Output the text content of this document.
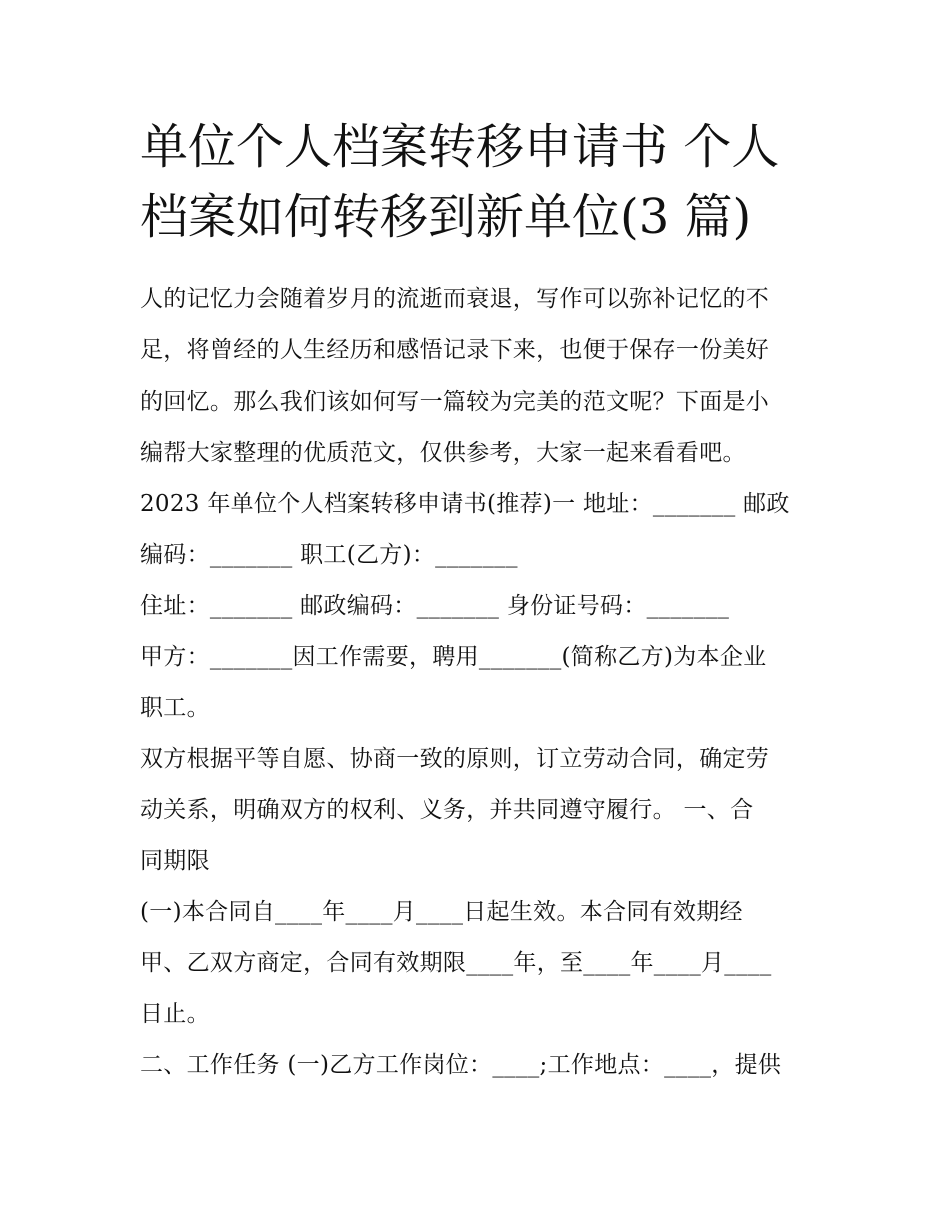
单位个人档案转移申请书 个人
档案如何转移到新单位(3 篇)
人的记忆力会随着岁月的流逝而衰退，写作可以弥补记忆的不
足，将曾经的人生经历和感悟记录下来，也便于保存一份美好
的回忆。那么我们该如何写一篇较为完美的范文呢？下面是小
编帮大家整理的优质范文，仅供参考，大家一起来看看吧。
2023 年单位个人档案转移申请书(推荐)一 地址：_______ 邮政
编码：_______ 职工(乙方)：_______
住址：_______ 邮政编码：_______ 身份证号码：_______
甲方：_______因工作需要，聘用_______(简称乙方)为本企业
职工。
双方根据平等自愿、协商一致的原则，订立劳动合同，确定劳
动关系，明确双方的权利、义务，并共同遵守履行。 一、合
同期限
(一)本合同自____年____月____日起生效。本合同有效期经
甲、乙双方商定，合同有效期限____年，至____年____月____
日止。
二、工作任务 (一)乙方工作岗位：____;工作地点：____，提供
